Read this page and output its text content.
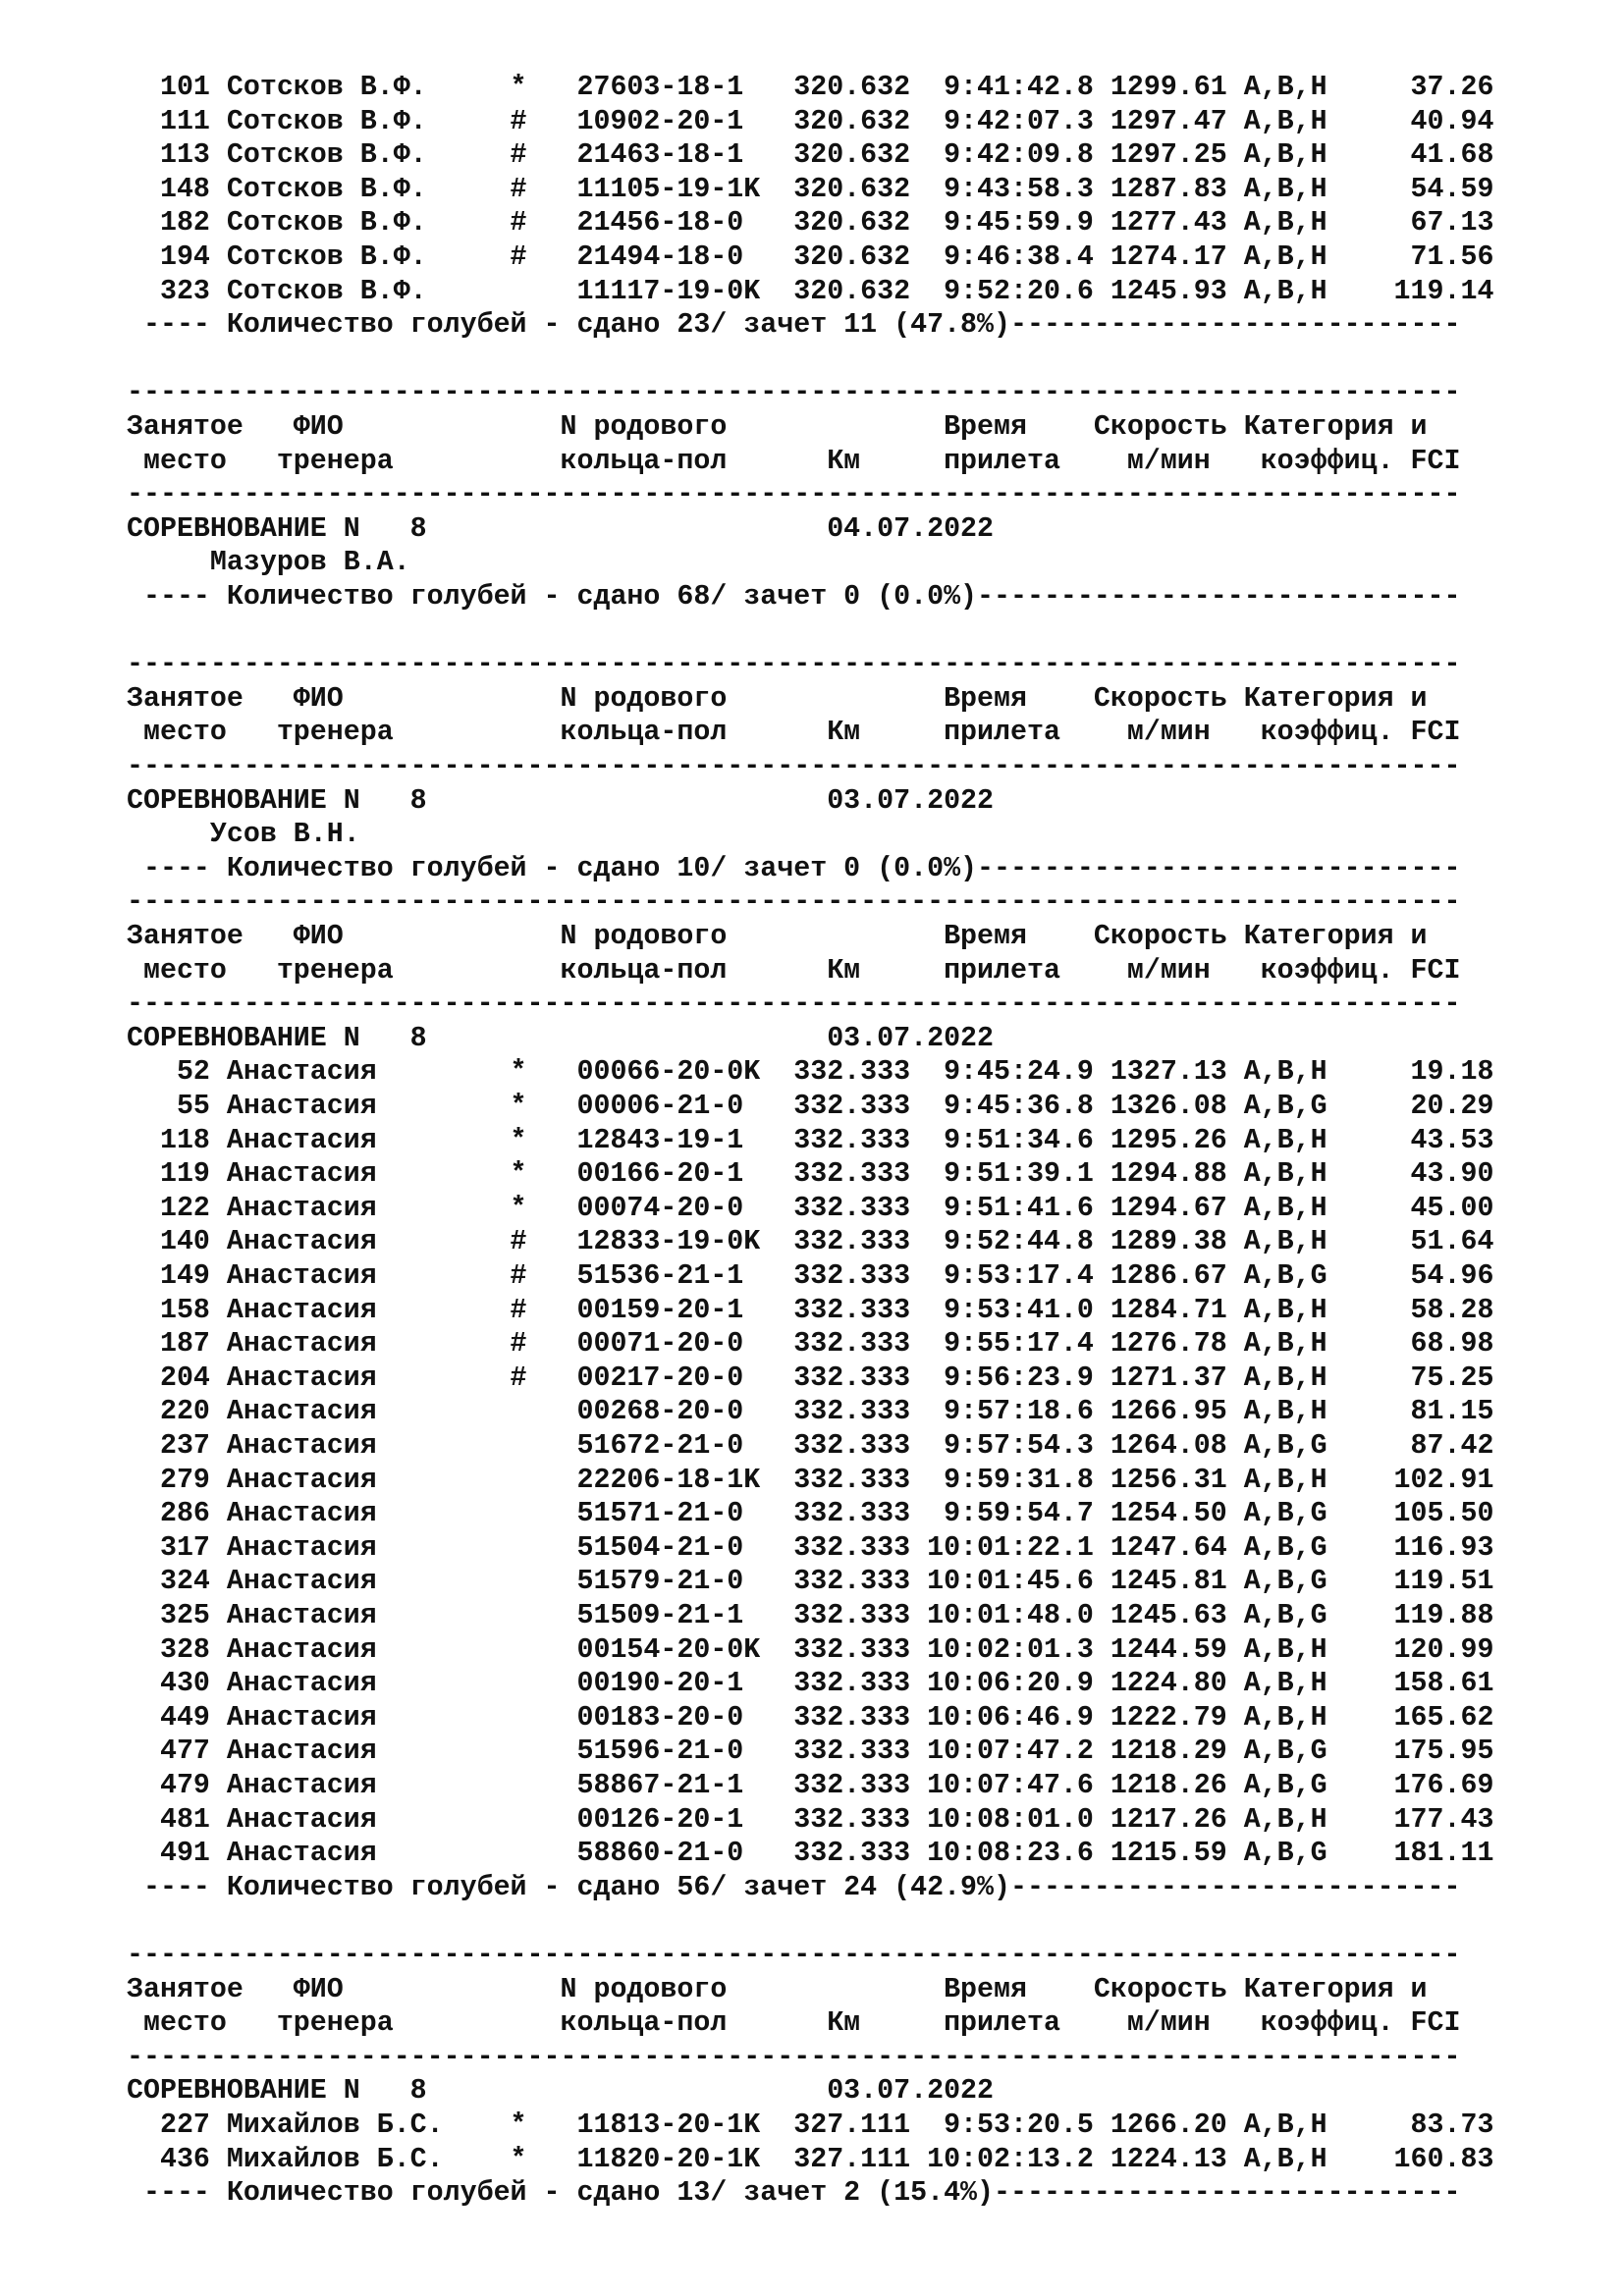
101 Сотсков В.Ф.     *   27603-18-1   320.632  9:41:42.8 1299.61 A,B,H     37.26
111 Сотсков В.Ф.     #   10902-20-1   320.632  9:42:07.3 1297.47 A,B,H     40.94
113 Сотсков В.Ф.     #   21463-18-1   320.632  9:42:09.8 1297.25 A,B,H     41.68
148 Сотсков В.Ф.     #   11105-19-1K  320.632  9:43:58.3 1287.83 A,B,H     54.59
182 Сотсков В.Ф.     #   21456-18-0   320.632  9:45:59.9 1277.43 A,B,H     67.13
194 Сотсков В.Ф.     #   21494-18-0   320.632  9:46:38.4 1274.17 A,B,H     71.56
323 Сотсков В.Ф.         11117-19-0K  320.632  9:52:20.6 1245.93 A,B,H    119.14
---- Количество голубей - сдано 23/ зачет 11 (47.8%)---------------------------
--------------------------------------------------------------------------------
Занятое   ФИО             N родового             Время    Скорость Категория и
место   тренера          кольца-пол      Км     прилета    м/мин   коэффиц. FCI
--------------------------------------------------------------------------------
СОРЕВНОВАНИЕ N   8                        04.07.2022
Мазуров В.А.
---- Количество голубей - сдано 68/ зачет 0 (0.0%)-----------------------------
--------------------------------------------------------------------------------
Занятое   ФИО             N родового             Время    Скорость Категория и
место   тренера          кольца-пол      Км     прилета    м/мин   коэффиц. FCI
--------------------------------------------------------------------------------
СОРЕВНОВАНИЕ N   8                        03.07.2022
Усов В.Н.
---- Количество голубей - сдано 10/ зачет 0 (0.0%)-----------------------------
--------------------------------------------------------------------------------
Занятое   ФИО             N родового             Время    Скорость Категория и
место   тренера          кольца-пол      Км     прилета    м/мин   коэффиц. FCI
--------------------------------------------------------------------------------
СОРЕВНОВАНИЕ N   8                        03.07.2022
52 Анастасия        *   00066-20-0K  332.333  9:45:24.9 1327.13 A,B,H     19.18
55 Анастасия        *   00006-21-0   332.333  9:45:36.8 1326.08 A,B,G     20.29
118 Анастасия        *   12843-19-1   332.333  9:51:34.6 1295.26 A,B,H     43.53
119 Анастасия        *   00166-20-1   332.333  9:51:39.1 1294.88 A,B,H     43.90
122 Анастасия        *   00074-20-0   332.333  9:51:41.6 1294.67 A,B,H     45.00
140 Анастасия        #   12833-19-0K  332.333  9:52:44.8 1289.38 A,B,H     51.64
149 Анастасия        #   51536-21-1   332.333  9:53:17.4 1286.67 A,B,G     54.96
158 Анастасия        #   00159-20-1   332.333  9:53:41.0 1284.71 A,B,H     58.28
187 Анастасия        #   00071-20-0   332.333  9:55:17.4 1276.78 A,B,H     68.98
204 Анастасия        #   00217-20-0   332.333  9:56:23.9 1271.37 A,B,H     75.25
220 Анастасия            00268-20-0   332.333  9:57:18.6 1266.95 A,B,H     81.15
237 Анастасия            51672-21-0   332.333  9:57:54.3 1264.08 A,B,G     87.42
279 Анастасия            22206-18-1K  332.333  9:59:31.8 1256.31 A,B,H    102.91
286 Анастасия            51571-21-0   332.333  9:59:54.7 1254.50 A,B,G    105.50
317 Анастасия            51504-21-0   332.333 10:01:22.1 1247.64 A,B,G    116.93
324 Анастасия            51579-21-0   332.333 10:01:45.6 1245.81 A,B,G    119.51
325 Анастасия            51509-21-1   332.333 10:01:48.0 1245.63 A,B,G    119.88
328 Анастасия            00154-20-0K  332.333 10:02:01.3 1244.59 A,B,H    120.99
430 Анастасия            00190-20-1   332.333 10:06:20.9 1224.80 A,B,H    158.61
449 Анастасия            00183-20-0   332.333 10:06:46.9 1222.79 A,B,H    165.62
477 Анастасия            51596-21-0   332.333 10:07:47.2 1218.29 A,B,G    175.95
479 Анастасия            58867-21-1   332.333 10:07:47.6 1218.26 A,B,G    176.69
481 Анастасия            00126-20-1   332.333 10:08:01.0 1217.26 A,B,H    177.43
491 Анастасия            58860-21-0   332.333 10:08:23.6 1215.59 A,B,G    181.11
---- Количество голубей - сдано 56/ зачет 24 (42.9%)---------------------------
--------------------------------------------------------------------------------
Занятое   ФИО             N родового             Время    Скорость Категория и
место   тренера          кольца-пол      Км     прилета    м/мин   коэффиц. FCI
--------------------------------------------------------------------------------
СОРЕВНОВАНИЕ N   8                        03.07.2022
227 Михайлов Б.С.    *   11813-20-1K  327.111  9:53:20.5 1266.20 A,B,H     83.73
436 Михайлов Б.С.    *   11820-20-1K  327.111 10:02:13.2 1224.13 A,B,H    160.83
---- Количество голубей - сдано 13/ зачет 2 (15.4%)----------------------------
